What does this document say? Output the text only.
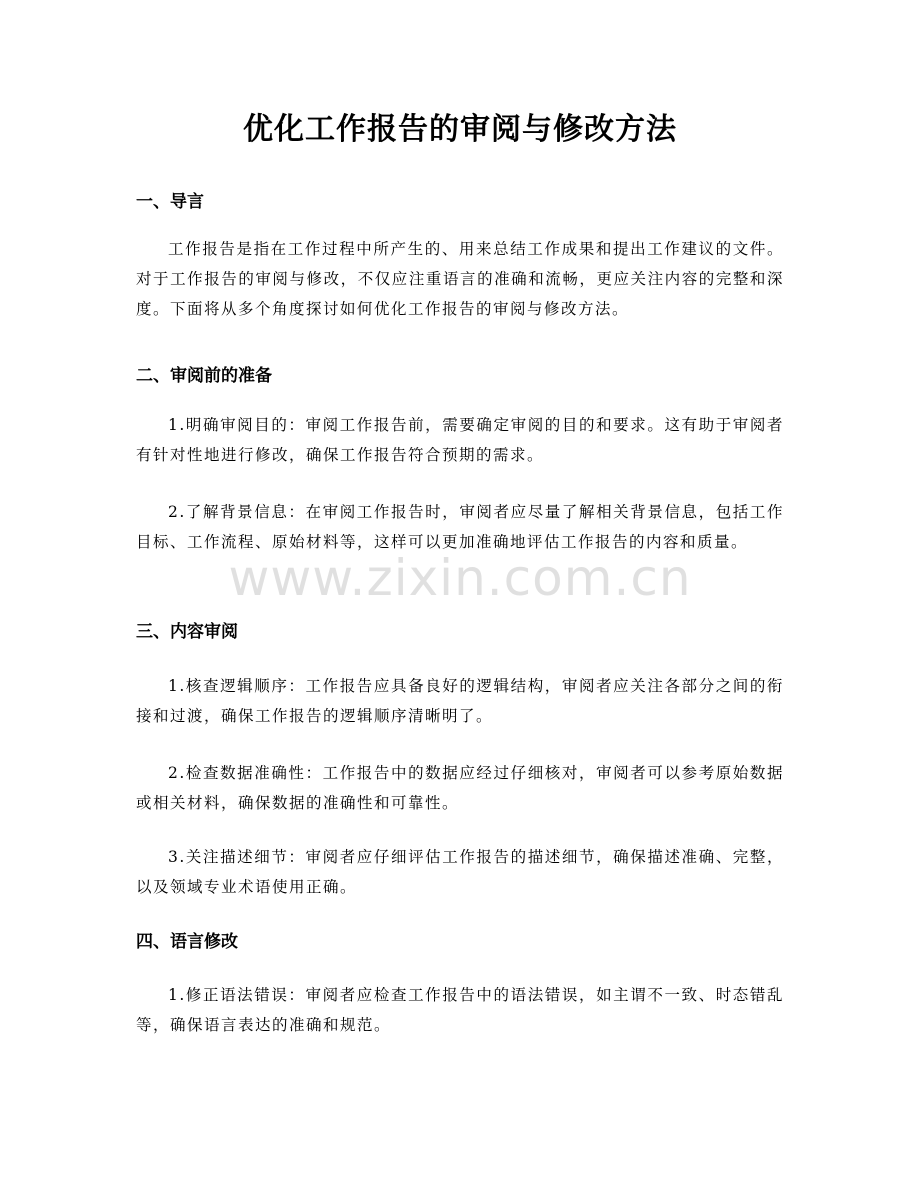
优化工作报告的审阅与修改方法
一、导言
工作报告是指在工作过程中所产生的、用来总结工作成果和提出工作建议的文件。对于工作报告的审阅与修改，不仅应注重语言的准确和流畅，更应关注内容的完整和深度。下面将从多个角度探讨如何优化工作报告的审阅与修改方法。
二、审阅前的准备
1.明确审阅目的：审阅工作报告前，需要确定审阅的目的和要求。这有助于审阅者有针对性地进行修改，确保工作报告符合预期的需求。
2.了解背景信息：在审阅工作报告时，审阅者应尽量了解相关背景信息，包括工作目标、工作流程、原始材料等，这样可以更加准确地评估工作报告的内容和质量。
三、内容审阅
1.核查逻辑顺序：工作报告应具备良好的逻辑结构，审阅者应关注各部分之间的衔接和过渡，确保工作报告的逻辑顺序清晰明了。
2.检查数据准确性：工作报告中的数据应经过仔细核对，审阅者可以参考原始数据或相关材料，确保数据的准确性和可靠性。
3.关注描述细节：审阅者应仔细评估工作报告的描述细节，确保描述准确、完整，以及领域专业术语使用正确。
四、语言修改
1.修正语法错误：审阅者应检查工作报告中的语法错误，如主谓不一致、时态错乱等，确保语言表达的准确和规范。
www.zixin.com.cn
